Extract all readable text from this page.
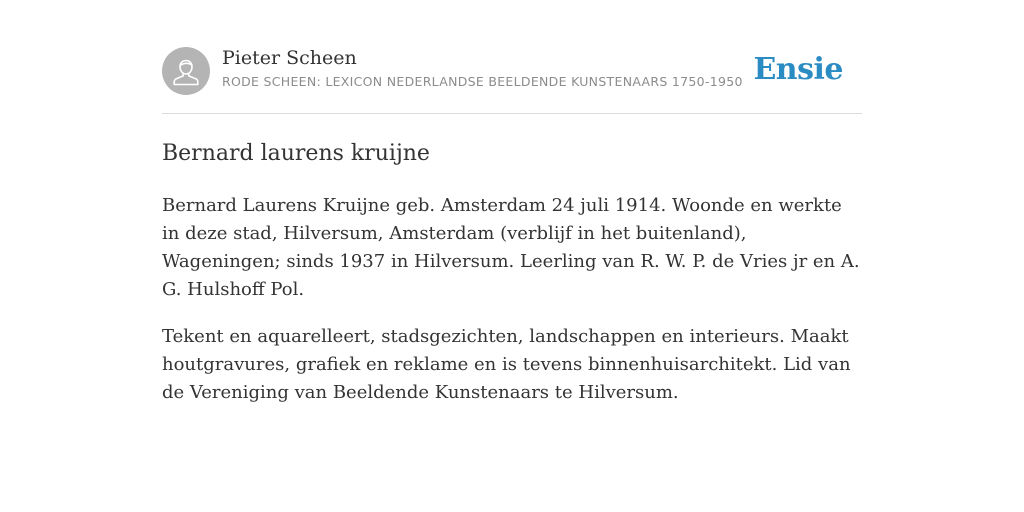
Pieter Scheen
RODE SCHEEN: LEXICON NEDERLANDSE BEELDENDE KUNSTENAARS 1750-1950 Ensie
Bernard laurens kruijne

Bernard Laurens Kruijne geb. Amsterdam 24 juli 1914. Woonde en werkte in deze stad, Hilversum, Amsterdam (verblijf in het buitenland), Wageningen; sinds 1937 in Hilversum. Leerling van R. W. P. de Vries jr en A. G. Hulshoff Pol.

Tekent en aquarelleert, stadsgezichten, landschappen en interieurs. Maakt houtgravures, grafiek en reklame en is tevens binnenhuisarchitekt. Lid van de Vereniging van Beeldende Kunstenaars te Hilversum.
